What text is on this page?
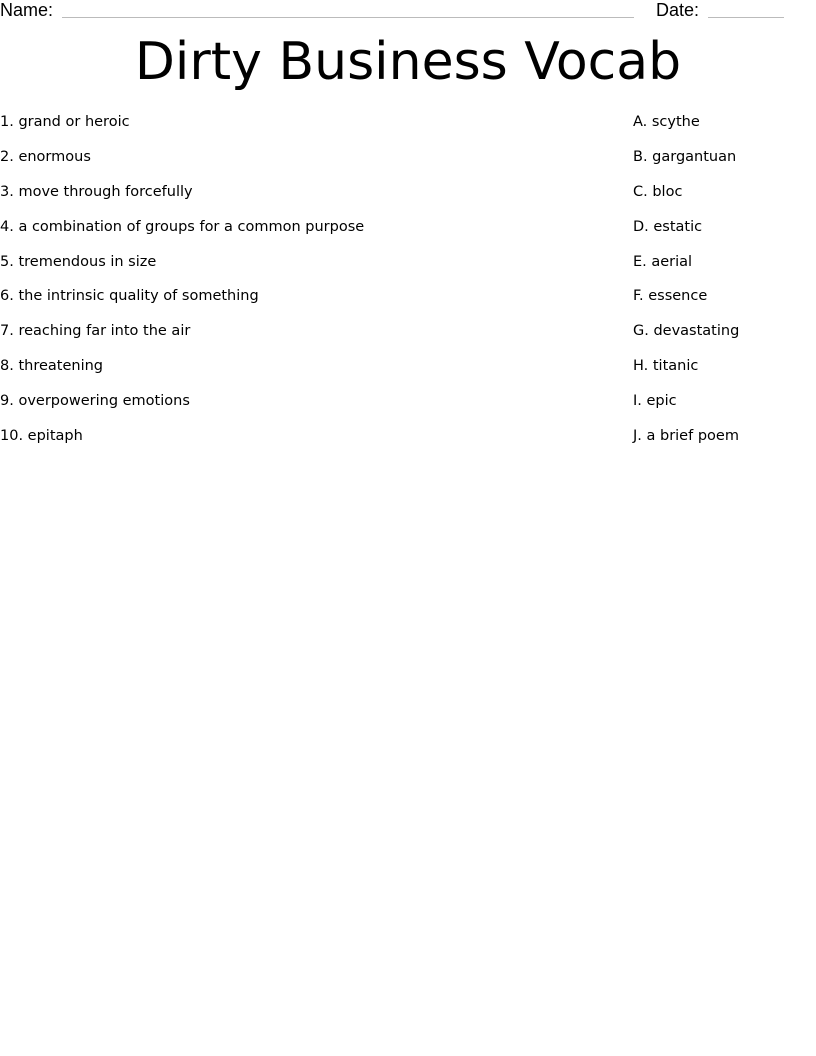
Name:	Date:
Dirty Business Vocab
1. grand or heroic
2. enormous
3. move through forcefully
4. a combination of groups for a common purpose
5. tremendous in size
6. the intrinsic quality of something
7. reaching far into the air
8. threatening
9. overpowering emotions
10. epitaph
A. scythe
B. gargantuan
C. bloc
D. estatic
E. aerial
F. essence
G. devastating
H. titanic
I. epic
J. a brief poem
